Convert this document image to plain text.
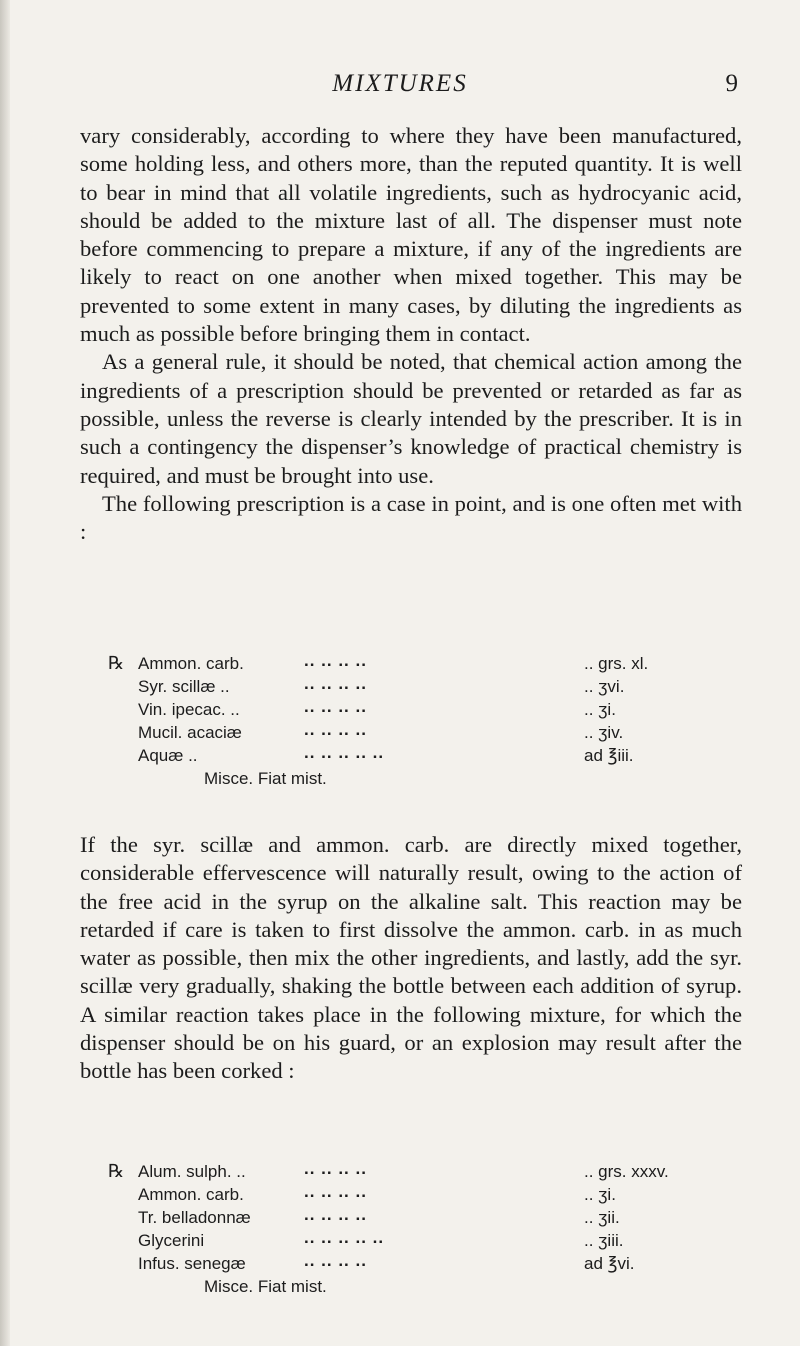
MIXTURES	9

vary considerably, according to where they have been manufactured, some holding less, and others more, than the reputed quantity. It is well to bear in mind that all volatile ingredients, such as hydrocyanic acid, should be added to the mixture last of all. The dispenser must note before commencing to prepare a mixture, if any of the ingredients are likely to react on one another when mixed together. This may be prevented to some extent in many cases, by diluting the ingredients as much as possible before bringing them in contact.

As a general rule, it should be noted, that chemical action among the ingredients of a prescription should be prevented or retarded as far as possible, unless the reverse is clearly intended by the prescriber. It is in such a contingency the dispenser’s knowledge of practical chemistry is required, and must be brought into use.

The following prescription is a case in point, and is one often met with :

℞ Ammon. carb.	.. .. .. ..	.. grs. xl.
Syr. scillæ ..	.. .. .. ..	.. ʒvi.
Vin. ipecac. ..	.. .. .. ..	.. ʒi.
Mucil. acaciæ	.. .. .. ..	.. ʒiv.
Aquæ ..	.. .. .. .. ..	ad ℥iii.
Misce. Fiat mist.

If the syr. scillæ and ammon. carb. are directly mixed together, considerable effervescence will naturally result, owing to the action of the free acid in the syrup on the alkaline salt. This reaction may be retarded if care is taken to first dissolve the ammon. carb. in as much water as possible, then mix the other ingredients, and lastly, add the syr. scillæ very gradually, shaking the bottle between each addition of syrup. A similar reaction takes place in the following mixture, for which the dispenser should be on his guard, or an explosion may result after the bottle has been corked :

℞ Alum. sulph. ..	.. .. .. ..	.. grs. xxxv.
Ammon. carb.	.. .. .. ..	.. ʒi.
Tr. belladonnæ	.. .. .. ..	.. ʒii.
Glycerini	.. .. .. .. ..	.. ʒiii.
Infus. senegæ	.. .. .. ..	ad ℥vi.
Misce. Fiat mist.
